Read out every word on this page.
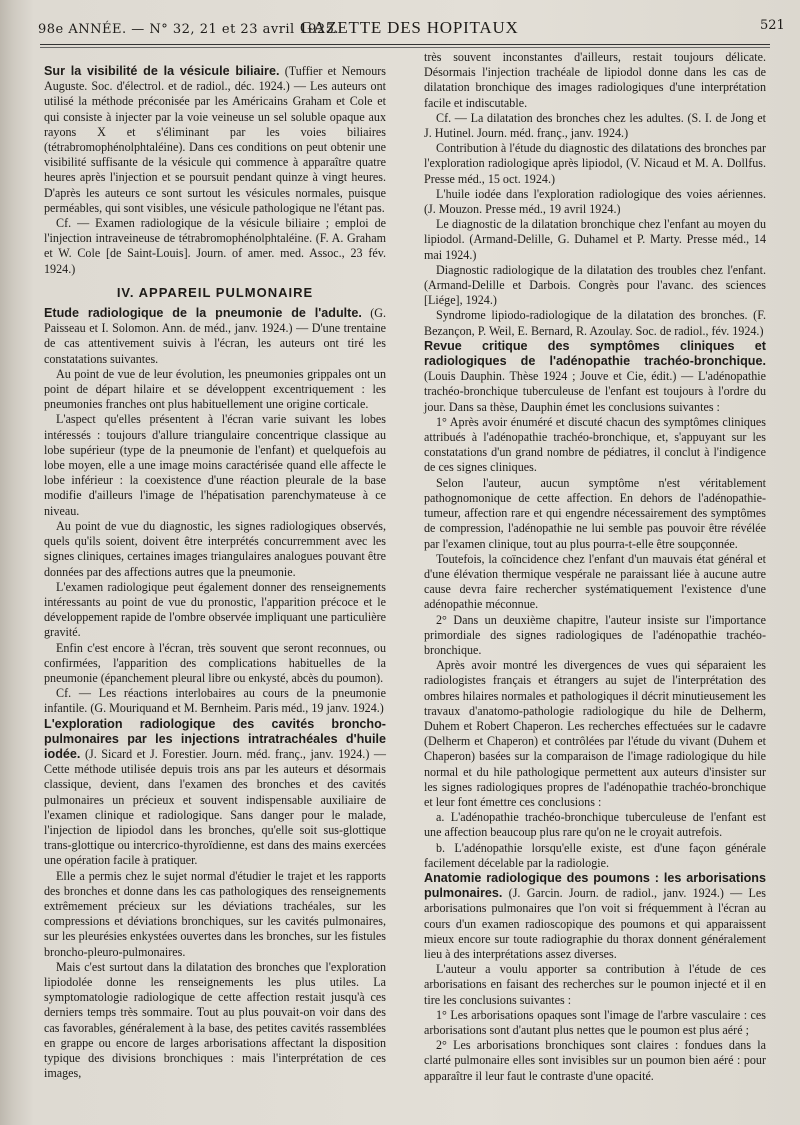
98e ANNÉE. — N° 32, 21 et 23 avril 1925.
GAZETTE DES HOPITAUX	521

Sur la visibilité de la vésicule biliaire. (Tuffier et Nemours Auguste. Soc. d'électrol. et de radiol., déc. 1924.) — Les auteurs ont utilisé la méthode préconisée par les Américains Graham et Cole et qui consiste à injecter par la voie veineuse un sel soluble opaque aux rayons X et s'éliminant par les voies biliaires (tétrabromophénolphtaléine). Dans ces conditions on peut obtenir une visibilité suffisante de la vésicule qui commence à apparaître quatre heures après l'injection et se poursuit pendant quinze à vingt heures. D'après les auteurs ce sont surtout les vésicules normales, puisque perméables, qui sont visibles, une vésicule pathologique ne l'étant pas.

Cf. — Examen radiologique de la vésicule biliaire ; emploi de l'injection intraveineuse de tétrabromophénolphtaléine. (F. A. Graham et W. Cole [de Saint-Louis]. Journ. of amer. med. Assoc., 23 fév. 1924.)

IV. APPAREIL PULMONAIRE

Etude radiologique de la pneumonie de l'adulte. (G. Paisseau et I. Solomon. Ann. de méd., janv. 1924.) — D'une trentaine de cas attentivement suivis à l'écran, les auteurs ont tiré les constatations suivantes.

Au point de vue de leur évolution, les pneumonies grippales ont un point de départ hilaire et se développent excentriquement : les pneumonies franches ont plus habituellement une origine corticale.

L'aspect qu'elles présentent à l'écran varie suivant les lobes intéressés : toujours d'allure triangulaire concentrique classique au lobe supérieur (type de la pneumonie de l'enfant) et quelquefois au lobe moyen, elle a une image moins caractérisée quand elle affecte le lobe inférieur : la coexistence d'une réaction pleurale de la base modifie d'ailleurs l'image de l'hépatisation parenchymateuse à ce niveau.

Au point de vue du diagnostic, les signes radiologiques observés, quels qu'ils soient, doivent être interprétés concurremment avec les signes cliniques, certaines images triangulaires analogues pouvant être données par des affections autres que la pneumonie.

L'examen radiologique peut également donner des renseignements intéressants au point de vue du pronostic, l'apparition précoce et le développement rapide de l'ombre observée impliquant une particulière gravité.

Enfin c'est encore à l'écran, très souvent que seront reconnues, ou confirmées, l'apparition des complications habituelles de la pneumonie (épanchement pleural libre ou enkysté, abcès du poumon).

Cf. — Les réactions interlobaires au cours de la pneumonie infantile. (G. Mouriquand et M. Bernheim. Paris méd., 19 janv. 1924.)

L'exploration radiologique des cavités broncho-pulmonaires par les injections intratrachéales d'huile iodée. (J. Sicard et J. Forestier. Journ. méd. franç., janv. 1924.) — Cette méthode utilisée depuis trois ans par les auteurs et désormais classique, devient, dans l'examen des bronches et des cavités pulmonaires un précieux et souvent indispensable auxiliaire de l'examen clinique et radiologique. Sans danger pour le malade, l'injection de lipiodol dans les bronches, qu'elle soit sus-glottique trans-glottique ou intercrico-thyroïdienne, est dans des mains exercées une opération facile à pratiquer.

Elle a permis chez le sujet normal d'étudier le trajet et les rapports des bronches et donne dans les cas pathologiques des renseignements extrêmement précieux sur les déviations trachéales, sur les compressions et déviations bronchiques, sur les cavités pulmonaires, sur les pleurésies enkystées ouvertes dans les bronches, sur les fistules broncho-pleuro-pulmonaires.

Mais c'est surtout dans la dilatation des bronches que l'exploration lipiodolée donne les renseignements les plus utiles. La symptomatologie radiologique de cette affection restait jusqu'à ces derniers temps très sommaire. Tout au plus pouvait-on voir dans des cas favorables, généralement à la base, des petites cavités rassemblées en grappe ou encore de larges arborisations affectant la disposition typique des divisions bronchiques : mais l'interprétation de ces images,

très souvent inconstantes d'ailleurs, restait toujours délicate. Désormais l'injection trachéale de lipiodol donne dans les cas de dilatation bronchique des images radiologiques d'une interprétation facile et indiscutable.

Cf. — La dilatation des bronches chez les adultes. (S. I. de Jong et J. Hutinel. Journ. méd. franç., janv. 1924.)

Contribution à l'étude du diagnostic des dilatations des bronches par l'exploration radiologique après lipiodol, (V. Nicaud et M. A. Dollfus. Presse méd., 15 oct. 1924.)

L'huile iodée dans l'exploration radiologique des voies aériennes. (J. Mouzon. Presse méd., 19 avril 1924.)

Le diagnostic de la dilatation bronchique chez l'enfant au moyen du lipiodol. (Armand-Delille, G. Duhamel et P. Marty. Presse méd., 14 mai 1924.)

Diagnostic radiologique de la dilatation des troubles chez l'enfant. (Armand-Delille et Darbois. Congrès pour l'avanc. des sciences [Liége], 1924.)

Syndrome lipiodo-radiologique de la dilatation des bronches. (F. Bezançon, P. Weil, E. Bernard, R. Azoulay. Soc. de radiol., fév. 1924.)

Revue critique des symptômes cliniques et radiologiques de l'adénopathie trachéo-bronchique. (Louis Dauphin. Thèse 1924 ; Jouve et Cie, édit.) — L'adénopathie trachéo-bronchique tuberculeuse de l'enfant est toujours à l'ordre du jour. Dans sa thèse, Dauphin émet les conclusions suivantes :

1° Après avoir énuméré et discuté chacun des symptômes cliniques attribués à l'adénopathie trachéo-bronchique, et, s'appuyant sur les constatations d'un grand nombre de pédiatres, il conclut à l'indigence de ces signes cliniques.

Selon l'auteur, aucun symptôme n'est véritablement pathognomonique de cette affection. En dehors de l'adénopathie-tumeur, affection rare et qui engendre nécessairement des symptômes de compression, l'adénopathie ne lui semble pas pouvoir être révélée par l'examen clinique, tout au plus pourra-t-elle être soupçonnée.

Toutefois, la coïncidence chez l'enfant d'un mauvais état général et d'une élévation thermique vespérale ne paraissant liée à aucune autre cause devra faire rechercher systématiquement l'existence d'une adénopathie méconnue.

2° Dans un deuxième chapitre, l'auteur insiste sur l'importance primordiale des signes radiologiques de l'adénopathie trachéo-bronchique.

Après avoir montré les divergences de vues qui séparaient les radiologistes français et étrangers au sujet de l'interprétation des ombres hilaires normales et pathologiques il décrit minutieusement les travaux d'anatomo-pathologie radiologique du hile de Delherm, Duhem et Robert Chaperon. Les recherches effectuées sur le cadavre (Delherm et Chaperon) et contrôlées par l'étude du vivant (Duhem et Chaperon) basées sur la comparaison de l'image radiologique du hile normal et du hile pathologique permettent aux auteurs d'insister sur les signes radiologiques propres de l'adénopathie trachéo-bronchique et leur font émettre ces conclusions :

a. L'adénopathie trachéo-bronchique tuberculeuse de l'enfant est une affection beaucoup plus rare qu'on ne le croyait autrefois.

b. L'adénopathie lorsqu'elle existe, est d'une façon générale facilement décelable par la radiologie.

Anatomie radiologique des poumons : les arborisations pulmonaires. (J. Garcin. Journ. de radiol., janv. 1924.) — Les arborisations pulmonaires que l'on voit si fréquemment à l'écran au cours d'un examen radioscopique des poumons et qui apparaissent mieux encore sur toute radiographie du thorax donnent généralement lieu à des interprétations assez diverses.

L'auteur a voulu apporter sa contribution à l'étude de ces arborisations en faisant des recherches sur le poumon injecté et il en tire les conclusions suivantes :

1° Les arborisations opaques sont l'image de l'arbre vasculaire : ces arborisations sont d'autant plus nettes que le poumon est plus aéré ;

2° Les arborisations bronchiques sont claires : fondues dans la clarté pulmonaire elles sont invisibles sur un poumon bien aéré : pour apparaître il leur faut le contraste d'une opacité.
